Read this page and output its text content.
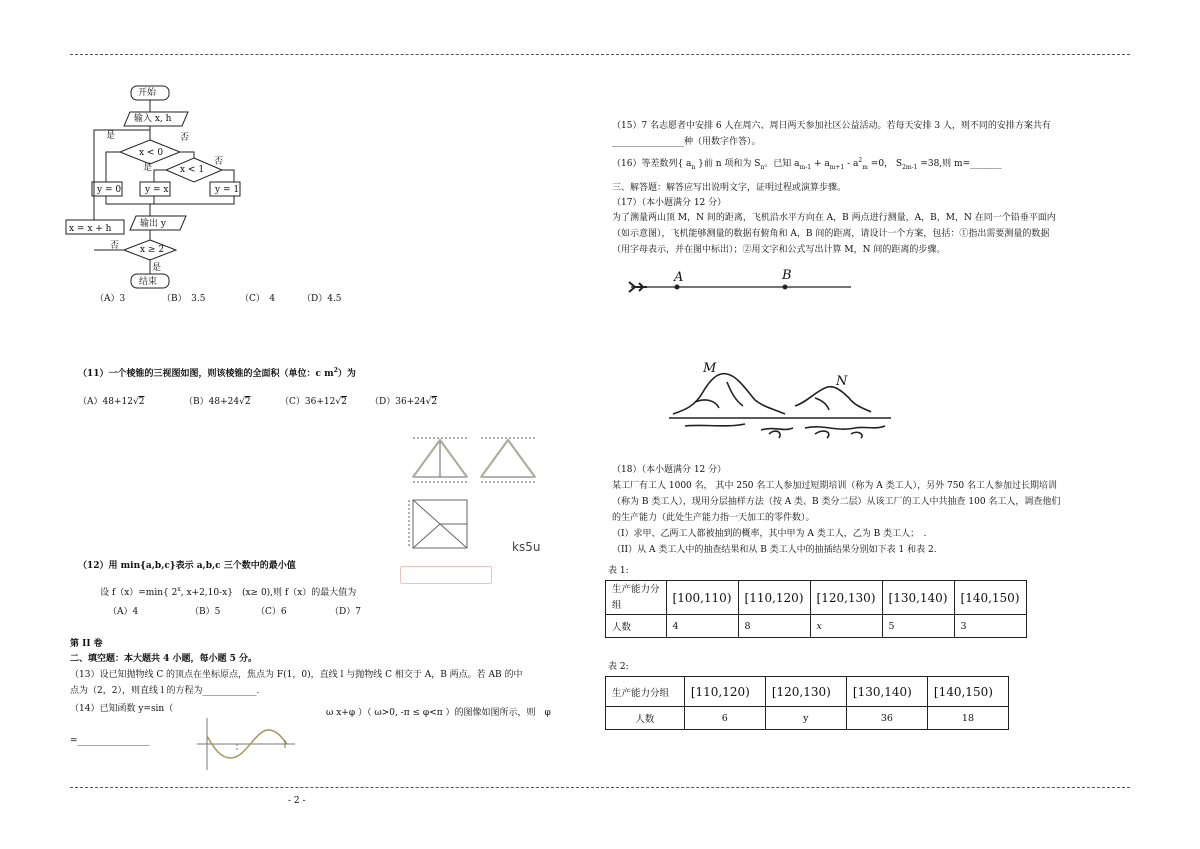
开始
输入 x, h
是	否
x < 0
否
x < 1
是
y = 0	y = x	y = 1
输出 y
x = x + h
否 x ≥ 2
是
结束
（A）3	（B）　3.5	（C）　4	（D）4.5
（11）一个棱锥的三视图如图，则该棱锥的全面积（单位：c $m^2$）为
（A）48+12√2	（B）48+24√2	（C）36+12√2	（D）36+24√2
ks5u
（12）用 min{a,b,c}表示 a,b,c 三个数中的最小值
设 f（x）=min{ 2$^x$, x+2,10-x}　(x≥ 0),则 f（x）的最大值为
（A）4	（B）5	（C）6	（D）7
第 II 卷
二、填空题：本大题共 4 小题，每小题 5 分。
（13）设已知抛物线 C 的顶点在坐标原点，焦点为 F(1，0)，直线 l 与抛物线 C 相交于 A，B 两点。若 AB 的中
点为（2，2），则直线 l 的方程为____________.
（14）已知函数 y=sin（	ω x+φ ）（ ω>0, -π ≤ φ<π ）的图像如图所示，则　φ
=________________
（15）7 名志愿者中安排 6 人在周六、周日两天参加社区公益活动。若每天安排 3 人，则不同的安排方案共有
________________种（用数字作答）。
（16）等差数列{ $a_n$ }前 n 项和为 $S_n$。已知 $a_{m-1} + a_{m+1} - a^2_m =0$， $S_{2m-1} =38$,则 m=_______
三、解答题：解答应写出说明文字，证明过程或演算步骤。
（17）（本小题满分 12 分）
为了测量两山顶 M，N 间的距离，飞机沿水平方向在 A，B 两点进行测量，A，B，M，N 在同一个铅垂平面内
（如示意图），飞机能够测量的数据有俯角和 A，B 间的距离，请设计一个方案，包括：①指出需要测量的数据
（用字母表示，并在图中标出）；②用文字和公式写出计算 M，N 间的距离的步骤。
A	B
M
N
（18）（本小题满分 12 分）
某工厂有工人 1000 名， 其中 250 名工人参加过短期培训（称为 A 类工人），另外 750 名工人参加过长期培训
（称为 B 类工人），现用分层抽样方法（按 A 类、B 类分二层）从该工厂的工人中共抽查 100 名工人，调查他们
的生产能力（此处生产能力指一天加工的零件数）。
（I）求甲、乙两工人都被抽到的概率，其中甲为 A 类工人，乙为 B 类工人；　.
（II）从 A 类工人中的抽查结果和从 B 类工人中的抽插结果分别如下表 1 和表 2.
表 1:
生产能力分
组	[100,110)	[110,120)	[120,130)	[130,140)	[140,150)
人数	4	8	x	5	3
表 2:
生产能力分组	[110,120)	[120,130)	[130,140)	[140,150)
人数	6	y	36	18
- 2 -
